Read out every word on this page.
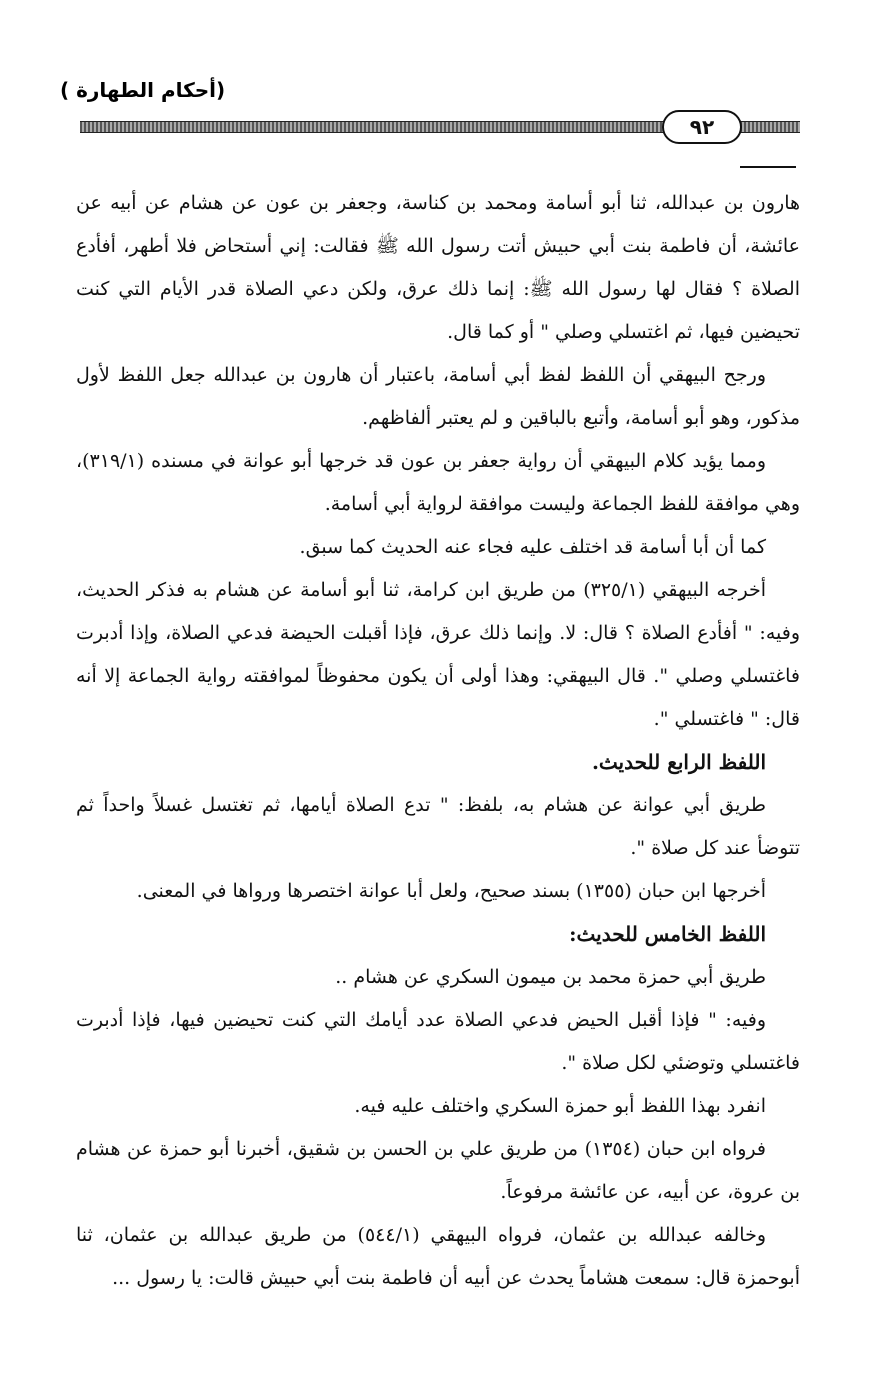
(أحكام الطهارة )
٩٢

هارون بن عبدالله، ثنا أبو أسامة ومحمد بن كناسة، وجعفر بن عون عن هشام عن أبيه عن عائشة، أن فاطمة بنت أبي حبيش أتت رسول الله ﷺ فقالت: إني أستحاض فلا أطهر، أفأدع الصلاة ؟ فقال لها رسول الله ﷺ: إنما ذلك عرق، ولكن دعي الصلاة قدر الأيام التي كنت تحيضين فيها، ثم اغتسلي وصلي " أو كما قال.

ورجح البيهقي أن اللفظ لفظ أبي أسامة، باعتبار أن هارون بن عبدالله جعل اللفظ لأول مذكور، وهو أبو أسامة، وأتبع بالباقين و لم يعتبر ألفاظهم.

ومما يؤيد كلام البيهقي أن رواية جعفر بن عون قد خرجها أبو عوانة في مسنده (٣١٩/١)، وهي موافقة للفظ الجماعة وليست موافقة لرواية أبي أسامة.

كما أن أبا أسامة قد اختلف عليه فجاء عنه الحديث كما سبق.

أخرجه البيهقي (٣٢٥/١) من طريق ابن كرامة، ثنا أبو أسامة عن هشام به فذكر الحديث، وفيه: " أفأدع الصلاة ؟ قال: لا. وإنما ذلك عرق، فإذا أقبلت الحيضة فدعي الصلاة، وإذا أدبرت فاغتسلي وصلي ". قال البيهقي: وهذا أولى أن يكون محفوظاً لموافقته رواية الجماعة إلا أنه قال: " فاغتسلي ".

اللفظ الرابع للحديث.

طريق أبي عوانة عن هشام به، بلفظ: " تدع الصلاة أيامها، ثم تغتسل غسلاً واحداً ثم تتوضأ عند كل صلاة ".

أخرجها ابن حبان (١٣٥٥) بسند صحيح، ولعل أبا عوانة اختصرها ورواها في المعنى.

اللفظ الخامس للحديث:

طريق أبي حمزة محمد بن ميمون السكري عن هشام ..

وفيه: " فإذا أقبل الحيض فدعي الصلاة عدد أيامك التي كنت تحيضين فيها، فإذا أدبرت فاغتسلي وتوضئي لكل صلاة ".

انفرد بهذا اللفظ أبو حمزة السكري واختلف عليه فيه.

فرواه ابن حبان (١٣٥٤) من طريق علي بن الحسن بن شقيق، أخبرنا أبو حمزة عن هشام بن عروة، عن أبيه، عن عائشة مرفوعاً.

وخالفه عبدالله بن عثمان، فرواه البيهقي (٥٤٤/١) من طريق عبدالله بن عثمان، ثنا أبوحمزة قال: سمعت هشاماً يحدث عن أبيه أن فاطمة بنت أبي حبيش قالت: يا رسول ...
